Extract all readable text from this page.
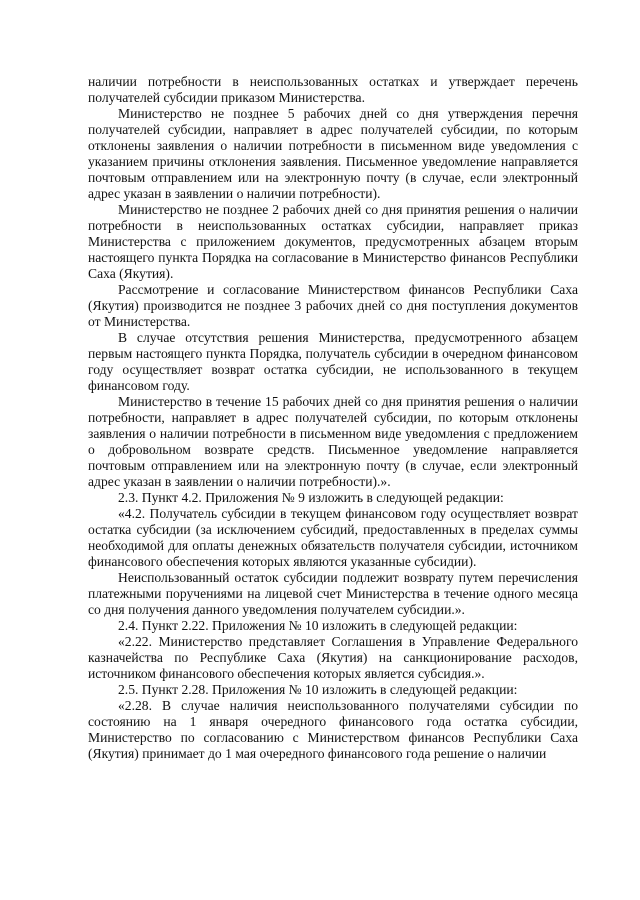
наличии потребности в неиспользованных остатках и утверждает перечень получателей субсидии приказом Министерства.

Министерство не позднее 5 рабочих дней со дня утверждения перечня получателей субсидии, направляет в адрес получателей субсидии, по которым отклонены заявления о наличии потребности в письменном виде уведомления с указанием причины отклонения заявления. Письменное уведомление направляется почтовым отправлением или на электронную почту (в случае, если электронный адрес указан в заявлении о наличии потребности).

Министерство не позднее 2 рабочих дней со дня принятия решения о наличии потребности в неиспользованных остатках субсидии, направляет приказ Министерства с приложением документов, предусмотренных абзацем вторым настоящего пункта Порядка на согласование в Министерство финансов Республики Саха (Якутия).

Рассмотрение и согласование Министерством финансов Республики Саха (Якутия) производится не позднее 3 рабочих дней со дня поступления документов от Министерства.

В случае отсутствия решения Министерства, предусмотренного абзацем первым настоящего пункта Порядка, получатель субсидии в очередном финансовом году осуществляет возврат остатка субсидии, не использованного в текущем финансовом году.

Министерство в течение 15 рабочих дней со дня принятия решения о наличии потребности, направляет в адрес получателей субсидии, по которым отклонены заявления о наличии потребности в письменном виде уведомления с предложением о добровольном возврате средств. Письменное уведомление направляется почтовым отправлением или на электронную почту (в случае, если электронный адрес указан в заявлении о наличии потребности).».

2.3. Пункт 4.2. Приложения № 9 изложить в следующей редакции:

«4.2. Получатель субсидии в текущем финансовом году осуществляет возврат остатка субсидии (за исключением субсидий, предоставленных в пределах суммы необходимой для оплаты денежных обязательств получателя субсидии, источником финансового обеспечения которых являются указанные субсидии).

Неиспользованный остаток субсидии подлежит возврату путем перечисления платежными поручениями на лицевой счет Министерства в течение одного месяца со дня получения данного уведомления получателем субсидии.».

2.4. Пункт 2.22. Приложения № 10 изложить в следующей редакции:

«2.22. Министерство представляет Соглашения в Управление Федерального казначейства по Республике Саха (Якутия) на санкционирование расходов, источником финансового обеспечения которых является субсидия.».

2.5. Пункт 2.28. Приложения № 10 изложить в следующей редакции:

«2.28. В случае наличия неиспользованного получателями субсидии по состоянию на 1 января очередного финансового года остатка субсидии, Министерство по согласованию с Министерством финансов Республики Саха (Якутия) принимает до 1 мая очередного финансового года решение о наличии
